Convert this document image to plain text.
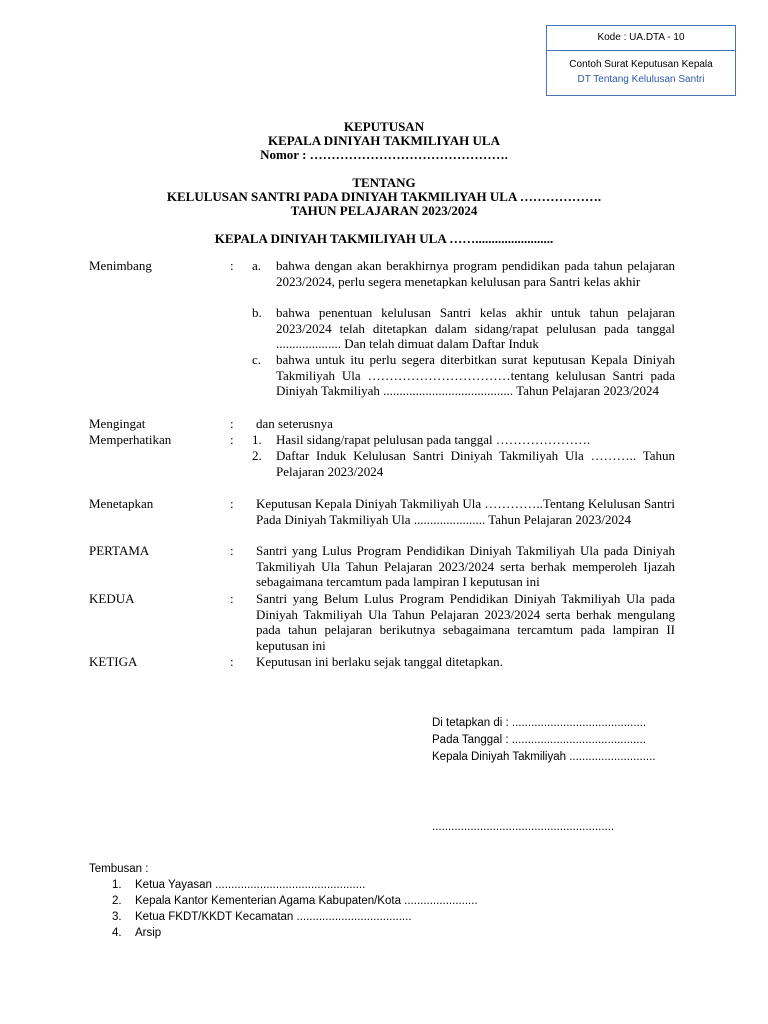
Kode : UA.DTA - 10
Contoh Surat Keputusan Kepala
DT Tentang Kelulusan Santri
KEPUTUSAN
KEPALA DINIYAH TAKMILIYAH ULA
Nomor : ……………………………………….
TENTANG
KELULUSAN SANTRI PADA DINIYAH TAKMILIYAH ULA ……………….
TAHUN PELAJARAN 2023/2024
KEPALA DINIYAH TAKMILIYAH ULA ……........................
Menimbang	: a. bahwa dengan akan berakhirnya program pendidikan pada tahun pelajaran 2023/2024, perlu segera menetapkan kelulusan para Santri kelas akhir
b. bahwa penentuan kelulusan Santri kelas akhir untuk tahun pelajaran 2023/2024 telah ditetapkan dalam sidang/rapat pelulusan pada tanggal .................... Dan telah dimuat dalam Daftar Induk
c. bahwa untuk itu perlu segera diterbitkan surat keputusan Kepala Diniyah Takmiliyah Ula ……………………………tentang kelulusan Santri pada Diniyah Takmiliyah ........................................ Tahun Pelajaran 2023/2024
Mengingat	: dan seterusnya
Memperhatikan	: 1. Hasil sidang/rapat pelulusan pada tanggal ………………….
2. Daftar Induk Kelulusan Santri Diniyah Takmiliyah Ula ……….. Tahun Pelajaran 2023/2024
Menetapkan	: Keputusan Kepala Diniyah Takmiliyah Ula …………..Tentang Kelulusan Santri Pada Diniyah Takmiliyah Ula ...................... Tahun Pelajaran 2023/2024
PERTAMA	: Santri yang Lulus Program Pendidikan Diniyah Takmiliyah Ula pada Diniyah Takmiliyah Ula Tahun Pelajaran 2023/2024 serta berhak memperoleh Ijazah sebagaimana tercamtum pada lampiran I keputusan ini
KEDUA	: Santri yang Belum Lulus Program Pendidikan Diniyah Takmiliyah Ula pada Diniyah Takmiliyah Ula Tahun Pelajaran 2023/2024 serta berhak mengulang pada tahun pelajaran berikutnya sebagaimana tercamtum pada lampiran II keputusan ini
KETIGA	: Keputusan ini berlaku sejak tanggal ditetapkan.
Di tetapkan di : ..........................................
Pada Tanggal : ..........................................
Kepala Diniyah Takmiliyah ...........................
.........................................................
Tembusan :
1. Ketua Yayasan ...............................................
2. Kepala Kantor Kementerian Agama Kabupaten/Kota .......................
3. Ketua FKDT/KKDT Kecamatan ....................................
4. Arsip
